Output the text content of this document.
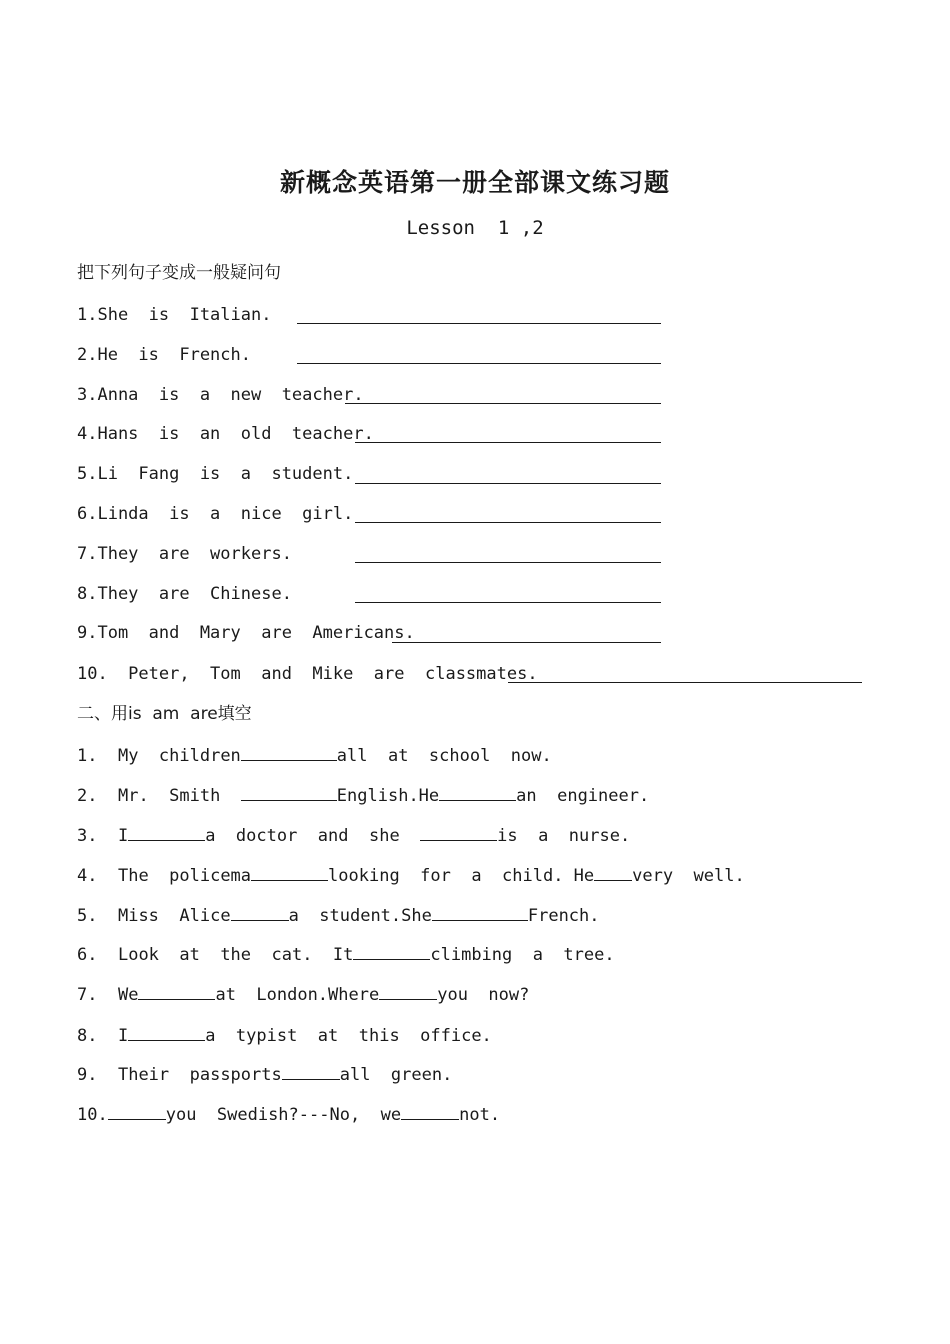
新概念英语第一册全部课文练习题
Lesson  1 ,2
把下列句子变成一般疑问句
1.She  is  Italian.
2.He  is  French.
3.Anna  is  a  new  teacher.
4.Hans  is  an  old  teacher.
5.Li  Fang  is  a  student.
6.Linda  is  a  nice  girl.
7.They  are  workers.
8.They  are  Chinese.
9.Tom  and  Mary  are  Americans.
10.  Peter,  Tom  and  Mike  are  classmates.
二、用is  am  are填空
1. My  children	all  at  school  now.
2. Mr.  Smith	English.He	an  engineer.
3. I	a  doctor  and  she	is  a  nurse.
4. The  policema	looking  for  a  child. He very  well.
5. Miss  Alice	a  student.She	French.
6. Look  at  the  cat.  It	climbing  a  tree.
7. We	at  London.Where	you  now?
8. I	a  typist  at  this  office.
9. Their  passports	all  green.
10.	you  Swedish?---No,  we	not.
